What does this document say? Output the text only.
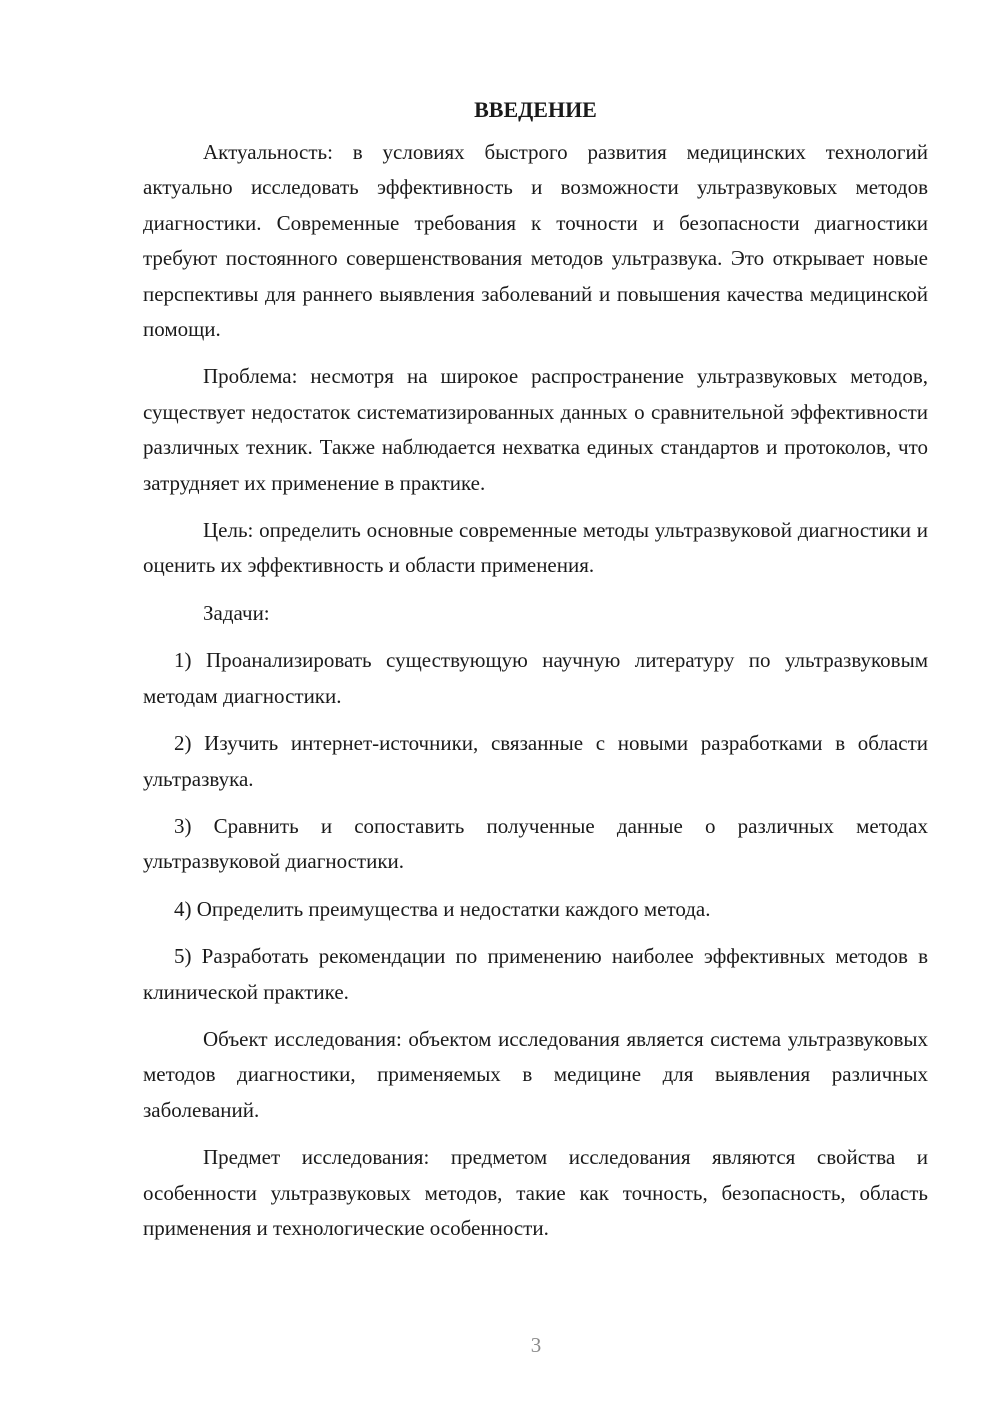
ВВЕДЕНИЕ

Актуальность: в условиях быстрого развития медицинских технологий актуально исследовать эффективность и возможности ультразвуковых методов диагностики. Современные требования к точности и безопасности диагностики требуют постоянного совершенствования методов ультразвука. Это открывает новые перспективы для раннего выявления заболеваний и повышения качества медицинской помощи.

Проблема: несмотря на широкое распространение ультразвуковых методов, существует недостаток систематизированных данных о сравнительной эффективности различных техник. Также наблюдается нехватка единых стандартов и протоколов, что затрудняет их применение в практике.

Цель: определить основные современные методы ультразвуковой диагностики и оценить их эффективность и области применения.

Задачи:

1) Проанализировать существующую научную литературу по ультразвуковым методам диагностики.

2) Изучить интернет-источники, связанные с новыми разработками в области ультразвука.

3) Сравнить и сопоставить полученные данные о различных методах ультразвуковой диагностики.

4) Определить преимущества и недостатки каждого метода.

5) Разработать рекомендации по применению наиболее эффективных методов в клинической практике.

Объект исследования: объектом исследования является система ультразвуковых методов диагностики, применяемых в медицине для выявления различных заболеваний.

Предмет исследования: предметом исследования являются свойства и особенности ультразвуковых методов, такие как точность, безопасность, область применения и технологические особенности.

3
